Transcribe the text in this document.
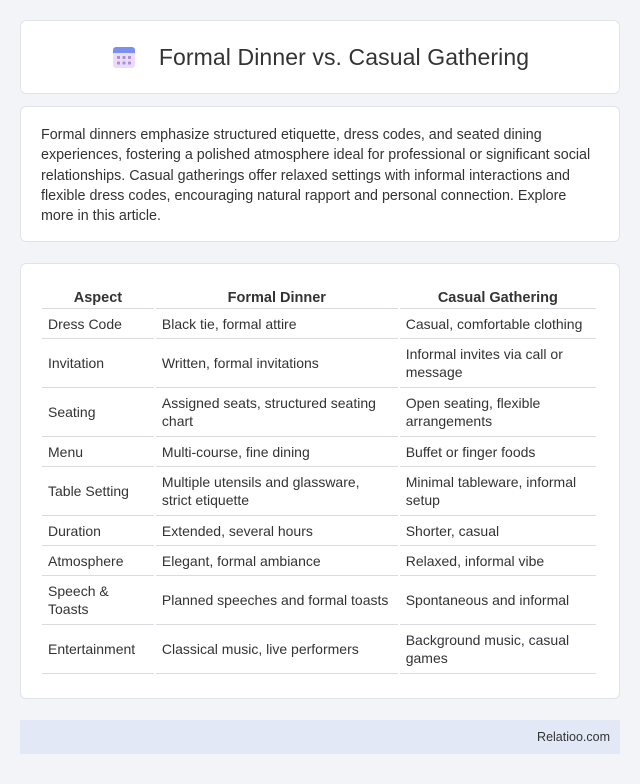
Formal Dinner vs. Casual Gathering

Formal dinners emphasize structured etiquette, dress codes, and seated dining experiences, fostering a polished atmosphere ideal for professional or significant social relationships. Casual gatherings offer relaxed settings with informal interactions and flexible dress codes, encouraging natural rapport and personal connection. Explore more in this article.

Aspect	Formal Dinner	Casual Gathering
Dress Code	Black tie, formal attire	Casual, comfortable clothing
Invitation	Written, formal invitations	Informal invites via call or message
Seating	Assigned seats, structured seating chart	Open seating, flexible arrangements
Menu	Multi-course, fine dining	Buffet or finger foods
Table Setting	Multiple utensils and glassware, strict etiquette	Minimal tableware, informal setup
Duration	Extended, several hours	Shorter, casual
Atmosphere	Elegant, formal ambiance	Relaxed, informal vibe
Speech & Toasts	Planned speeches and formal toasts	Spontaneous and informal
Entertainment	Classical music, live performers	Background music, casual games
Relatioo.com
